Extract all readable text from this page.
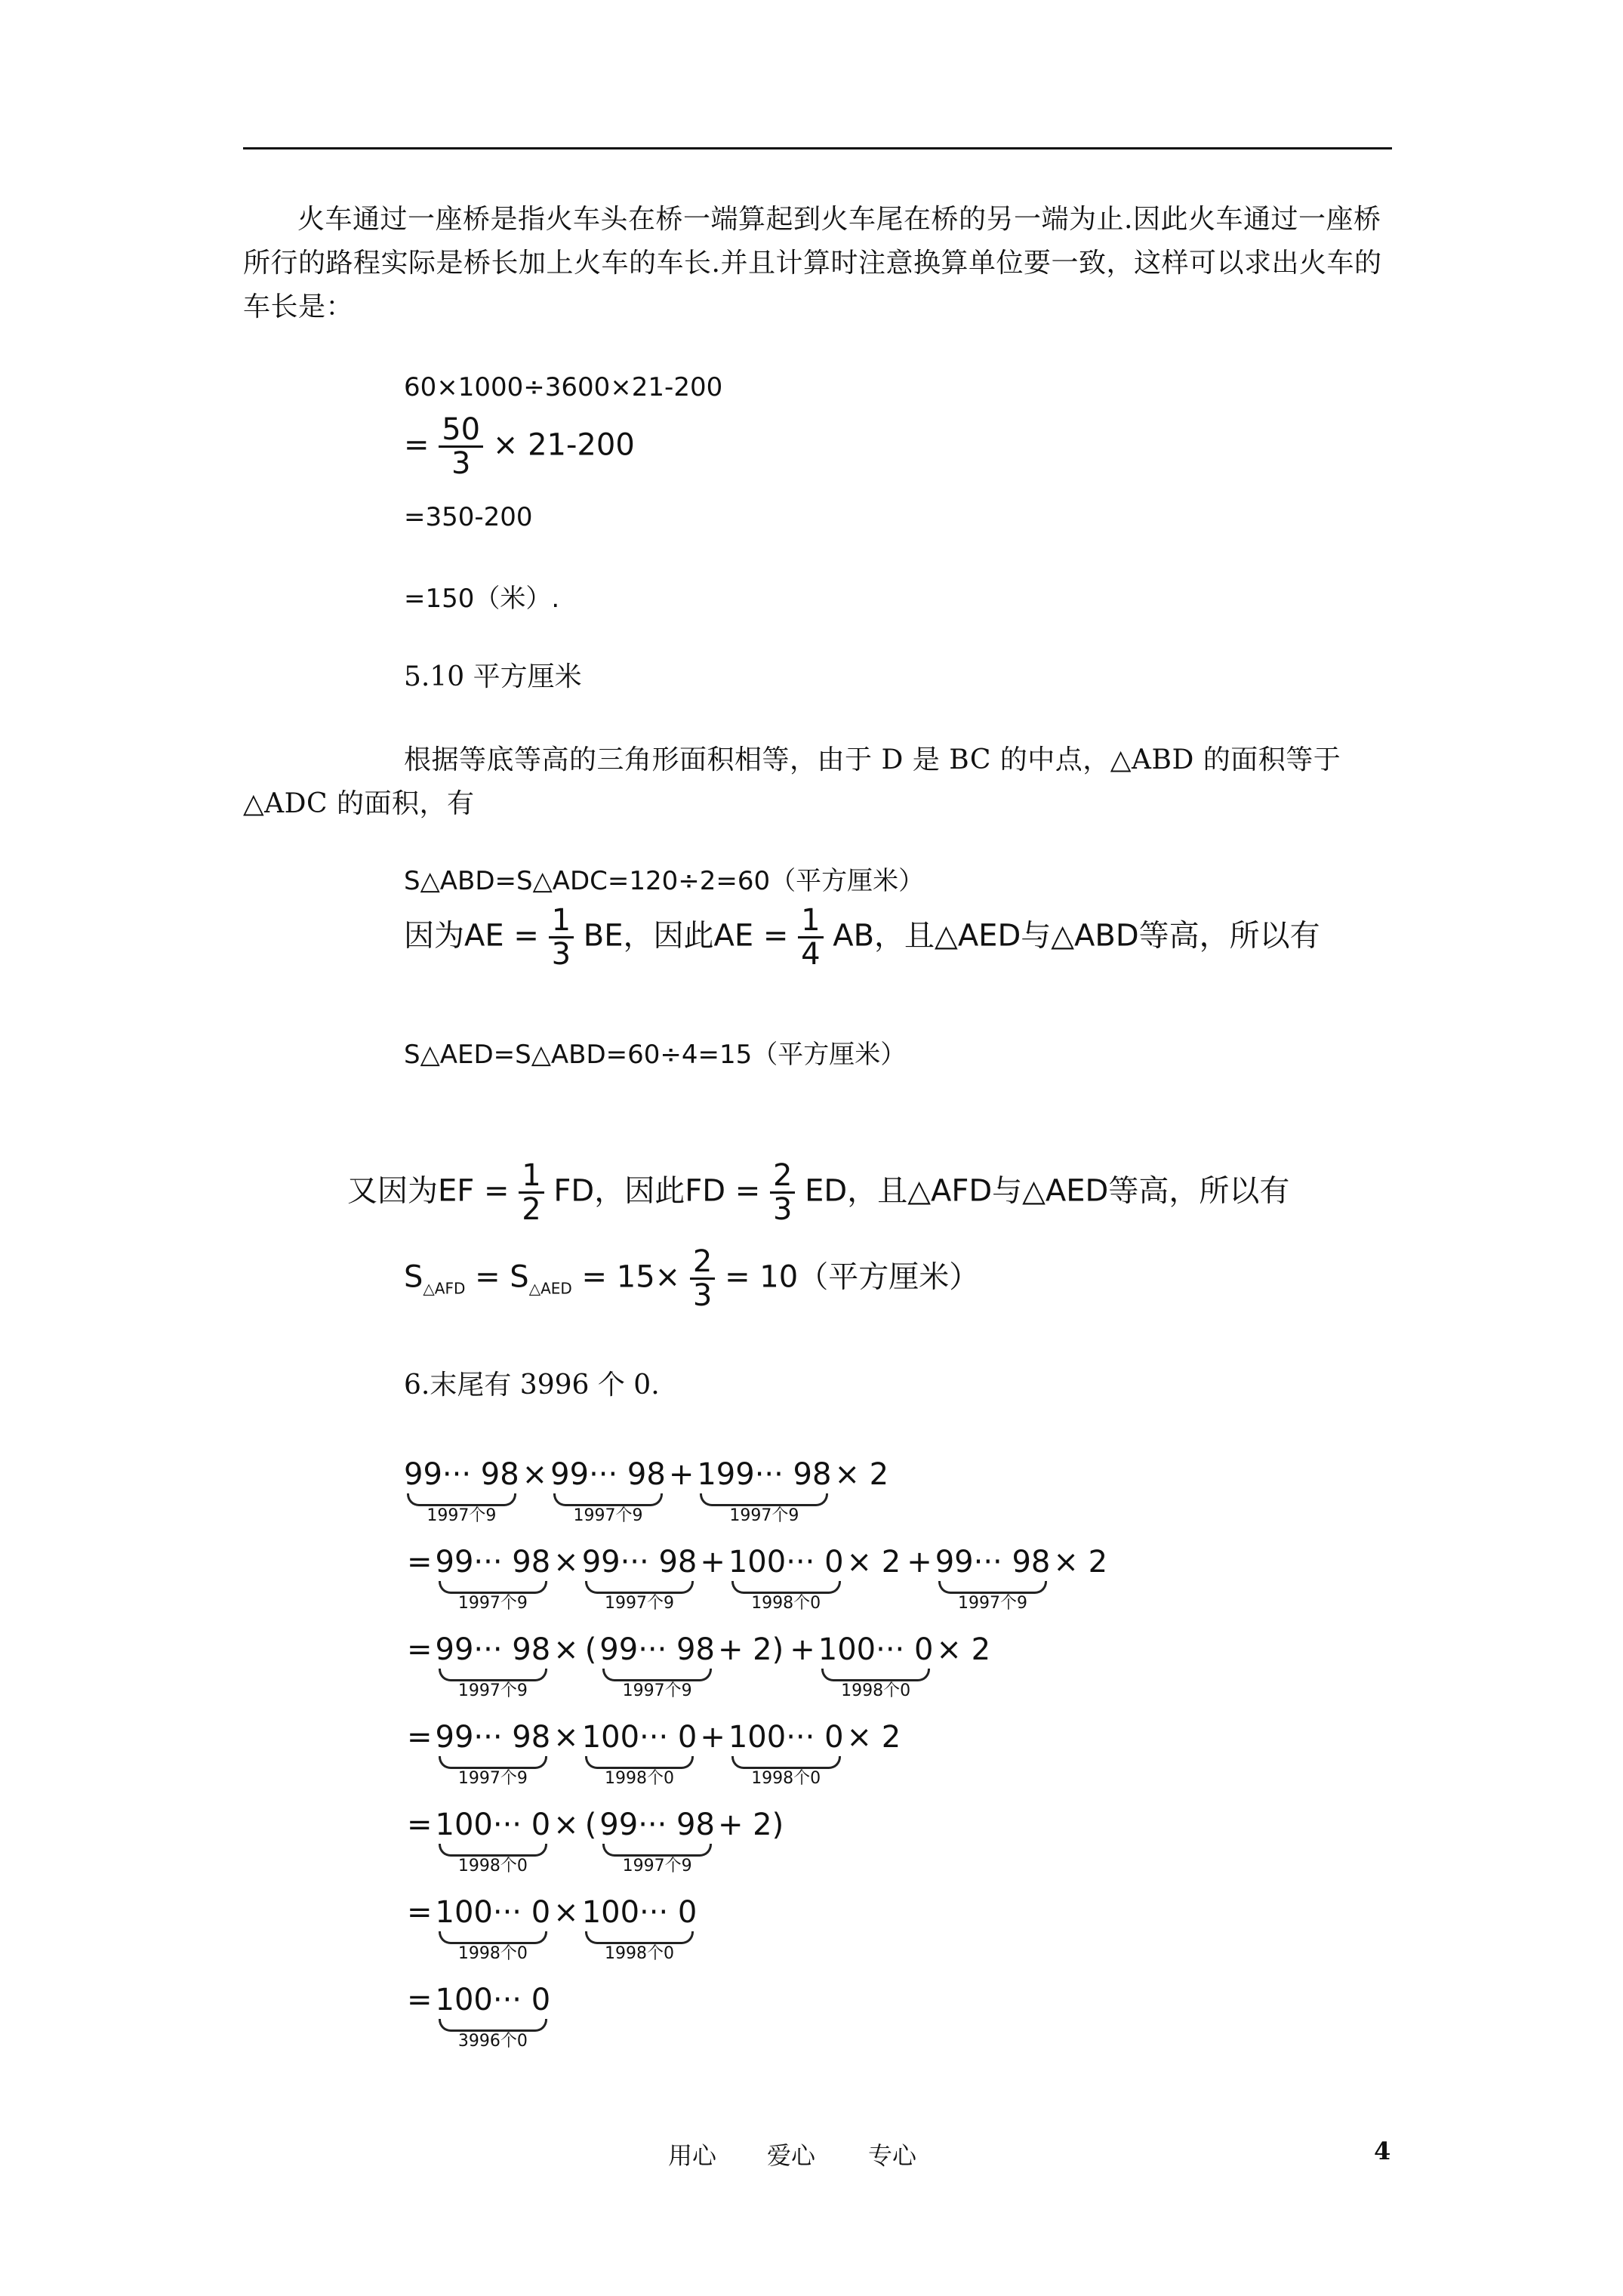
火车通过一座桥是指火车头在桥一端算起到火车尾在桥的另一端为止.因此火车通过一座桥所行的路程实际是桥长加上火车的车长.并且计算时注意换算单位要一致，这样可以求出火车的车长是：
60×1000÷3600×21-200
= $\frac{50}{3} \times 21-200$
=350-200
=150（米）.
5.10 平方厘米
根据等底等高的三角形面积相等，由于 D 是 BC 的中点，△ABD 的面积等于△ADC 的面积，有
S△ABD=S△ADC=120÷2=60（平方厘米）
因为AE = $\frac{1}{3}$ BE，因此AE = $\frac{1}{4}$ AB，且△AED与△ABD等高，所以有
S△AED=S△ABD=60÷4=15（平方厘米）
又因为EF = $\frac{1}{2}$ FD，因此FD = $\frac{2}{3}$ ED，且△AFD与△AED等高，所以有
$S_{\triangle AFD} = S_{\triangle AED} = 15\times \frac{2}{3} = 10$（平方厘米）
6.末尾有 3996 个 0.
99··· 98
1997个9
× 99··· 98
1997个9
+ 199··· 98
1997个9
× 2
= 99··· 98
1997个9
× 99··· 98
1997个9
+ 100··· 0
1998个0
× 2 + 99··· 98
1997个9
× 2
= 99··· 98
1997个9
× ( 99··· 98
1997个9
+ 2) + 100··· 0
1998个0
× 2
= 99··· 98
1997个9
× 100··· 0
1998个0
+ 100··· 0
1998个0
× 2
= 100··· 0
1998个0
× ( 99··· 98
1997个9
+ 2)
= 100··· 0
1998个0
× 100··· 0
1998个0
= 100··· 0
3996个0
用心 爱心 专心	4
